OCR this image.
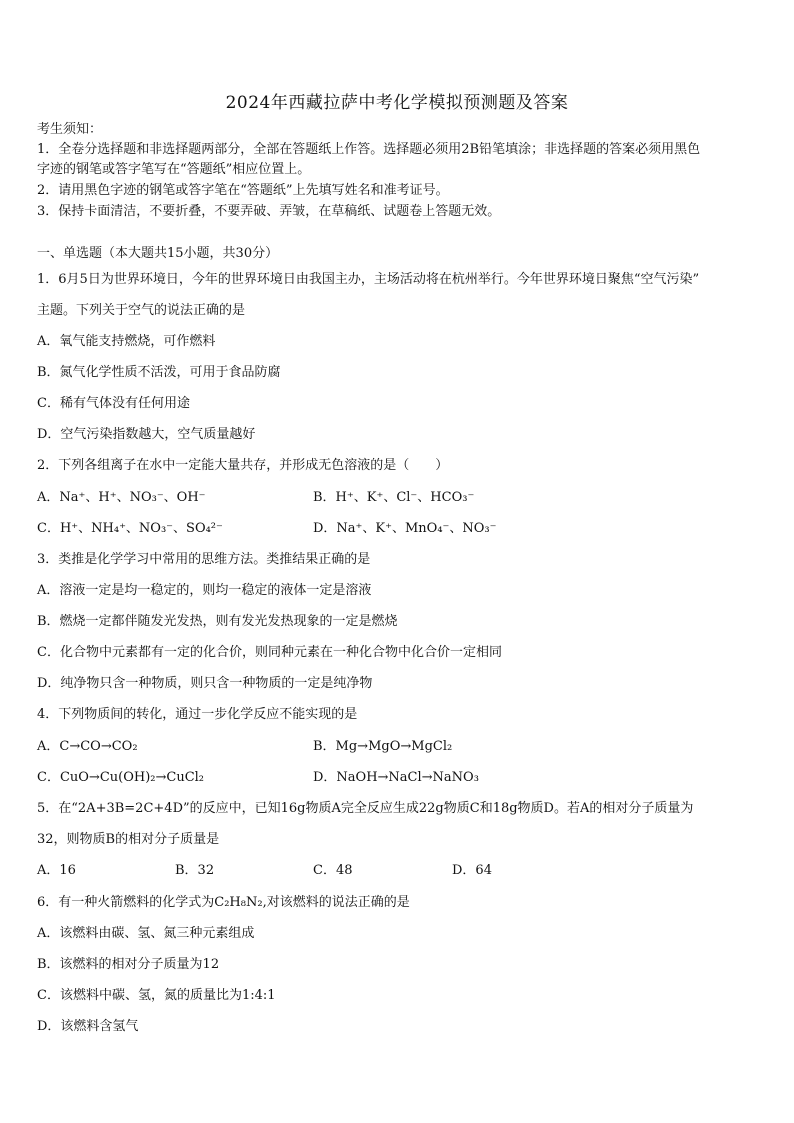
2024年西藏拉萨中考化学模拟预测题及答案
考生须知：
1．全卷分选择题和非选择题两部分，全部在答题纸上作答。选择题必须用2B铅笔填涂；非选择题的答案必须用黑色
字迹的钢笔或答字笔写在“答题纸”相应位置上。
2．请用黑色字迹的钢笔或答字笔在“答题纸”上先填写姓名和准考证号。
3．保持卡面清洁，不要折叠，不要弄破、弄皱，在草稿纸、试题卷上答题无效。
一、单选题（本大题共15小题，共30分）
1．6月5日为世界环境日，今年的世界环境日由我国主办，主场活动将在杭州举行。今年世界环境日聚焦“空气污染”
主题。下列关于空气的说法正确的是
A．氧气能支持燃烧，可作燃料
B．氮气化学性质不活泼，可用于食品防腐
C．稀有气体没有任何用途
D．空气污染指数越大，空气质量越好
2．下列各组离子在水中一定能大量共存，并形成无色溶液的是（　　）
A．Na⁺、H⁺、NO₃⁻、OH⁻	B．H⁺、K⁺、Cl⁻、HCO₃⁻
C．H⁺、NH₄⁺、NO₃⁻、SO₄²⁻	D．Na⁺、K⁺、MnO₄⁻、NO₃⁻
3．类推是化学学习中常用的思维方法。类推结果正确的是
A．溶液一定是均一稳定的，则均一稳定的液体一定是溶液
B．燃烧一定都伴随发光发热，则有发光发热现象的一定是燃烧
C．化合物中元素都有一定的化合价，则同种元素在一种化合物中化合价一定相同
D．纯净物只含一种物质，则只含一种物质的一定是纯净物
4．下列物质间的转化，通过一步化学反应不能实现的是
A．C→CO→CO₂	B．Mg→MgO→MgCl₂
C．CuO→Cu(OH)₂→CuCl₂	D．NaOH→NaCl→NaNO₃
5．在“2A+3B=2C+4D”的反应中，已知16g物质A完全反应生成22g物质C和18g物质D。若A的相对分子质量为
32，则物质B的相对分子质量是
A．16	B．32	C．48	D．64
6．有一种火箭燃料的化学式为C₂H₈N₂,对该燃料的说法正确的是
A．该燃料由碳、氢、氮三种元素组成
B．该燃料的相对分子质量为12
C．该燃料中碳、氢，氮的质量比为1:4:1
D．该燃料含氢气
